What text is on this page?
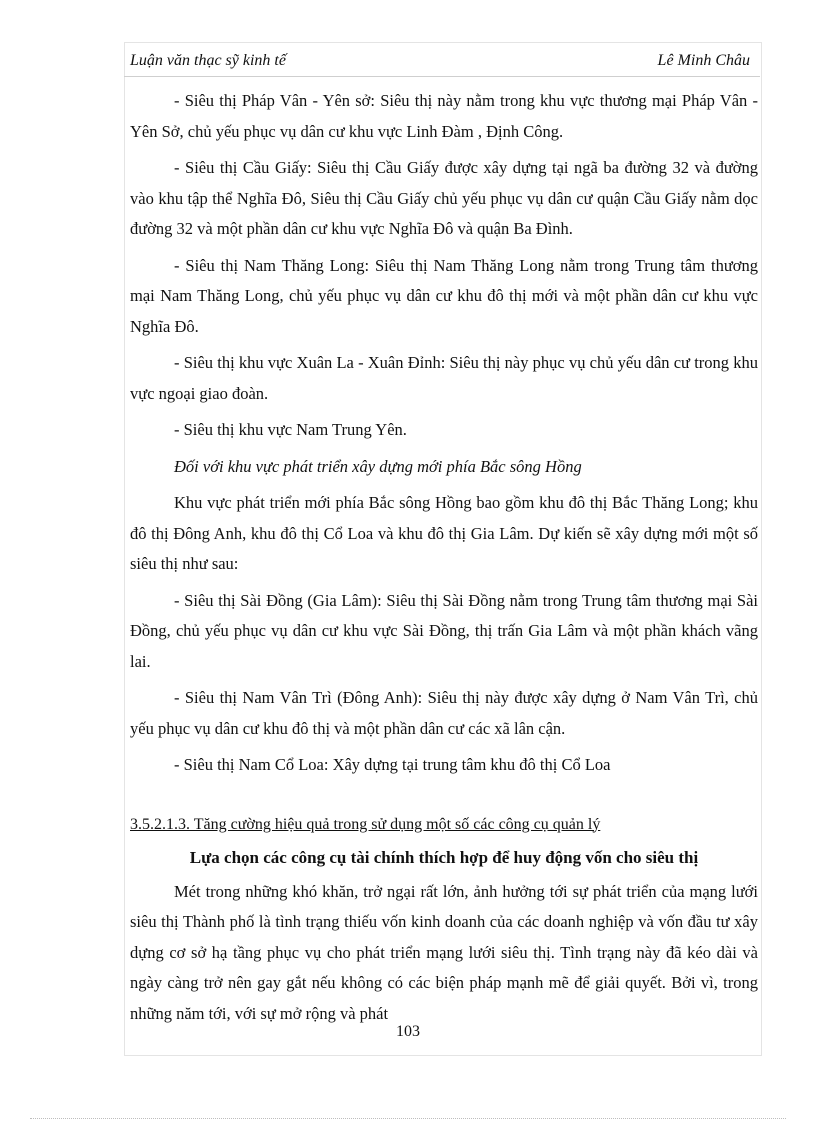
Luận văn thạc sỹ kinh tế	Lê Minh Châu

- Siêu thị Pháp Vân - Yên sở: Siêu thị này nằm trong khu vực thương mại Pháp Vân - Yên Sở, chủ yếu phục vụ dân cư khu vực Linh Đàm , Định Công.

- Siêu thị Cầu Giấy: Siêu thị Cầu Giấy được xây dựng tại ngã ba đường 32 và đường vào khu tập thể Nghĩa Đô, Siêu thị Cầu Giấy chủ yếu phục vụ dân cư quận Cầu Giấy nằm dọc đường 32 và một phần dân cư khu vực Nghĩa Đô và quận Ba Đình.

- Siêu thị Nam Thăng Long: Siêu thị Nam Thăng Long nằm trong Trung tâm thương mại Nam Thăng Long, chủ yếu phục vụ dân cư khu đô thị mới và một phần dân cư khu vực Nghĩa Đô.

- Siêu thị khu vực Xuân La - Xuân Đỉnh: Siêu thị này phục vụ chủ yếu dân cư trong khu vực ngoại giao đoàn.

- Siêu thị khu vực Nam Trung Yên.

Đối với khu vực phát triển xây dựng mới phía Bắc sông Hồng

Khu vực phát triển mới phía Bắc sông Hồng bao gồm khu đô thị Bắc Thăng Long; khu đô thị Đông Anh, khu đô thị Cổ Loa và khu đô thị Gia Lâm. Dự kiến sẽ xây dựng mới một số siêu thị như sau:

- Siêu thị Sài Đồng (Gia Lâm): Siêu thị Sài Đồng nằm trong Trung tâm thương mại Sài Đồng, chủ yếu phục vụ dân cư khu vực Sài Đồng, thị trấn Gia Lâm và một phần khách vãng lai.

- Siêu thị Nam Vân Trì (Đông Anh): Siêu thị này được xây dựng ở Nam Vân Trì, chủ yếu phục vụ dân cư khu đô thị và một phần dân cư các xã lân cận.

- Siêu thị Nam Cổ Loa: Xây dựng tại trung tâm khu đô thị Cổ Loa

3.5.2.1.3. Tăng cường hiệu quả trong sử dụng một số các công cụ quản lý
Lựa chọn các công cụ tài chính thích hợp để huy động vốn cho siêu thị

Mét trong những khó khăn, trở ngại rất lớn, ảnh hưởng tới sự phát triển của mạng lưới siêu thị Thành phố là tình trạng thiếu vốn kinh doanh của các doanh nghiệp và vốn đầu tư xây dựng cơ sở hạ tầng phục vụ cho phát triển mạng lưới siêu thị. Tình trạng này đã kéo dài và ngày càng trở nên gay gắt nếu không có các biện pháp mạnh mẽ để giải quyết. Bởi vì, trong những năm tới, với sự mở rộng và phát

103
